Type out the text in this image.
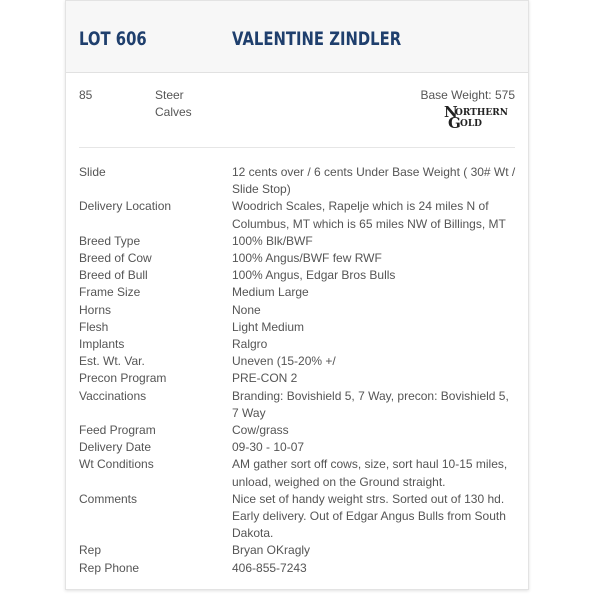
LOT 606	VALENTINE ZINDLER
85	Steer Calves
Base Weight: 575
N
ORTHERN
G OLD
Slide	12 cents over / 6 cents Under Base Weight ( 30# Wt / Slide Stop)
Delivery Location	Woodrich Scales, Rapelje which is 24 miles N of Columbus, MT which is 65 miles NW of Billings, MT
Breed Type	100% Blk/BWF
Breed of Cow	100% Angus/BWF few RWF
Breed of Bull	100% Angus, Edgar Bros Bulls
Frame Size	Medium Large
Horns	None
Flesh	Light Medium
Implants	Ralgro
Est. Wt. Var.	Uneven (15-20% +/
Precon Program	PRE-CON 2
Vaccinations	Branding: Bovishield 5, 7 Way, precon: Bovishield 5, 7 Way
Feed Program	Cow/grass
Delivery Date	09-30 - 10-07
Wt Conditions	AM gather sort off cows, size, sort haul 10-15 miles, unload, weighed on the Ground straight.
Comments	Nice set of handy weight strs. Sorted out of 130 hd. Early delivery. Out of Edgar Angus Bulls from South Dakota.
Rep	Bryan OKragly
Rep Phone	406-855-7243
